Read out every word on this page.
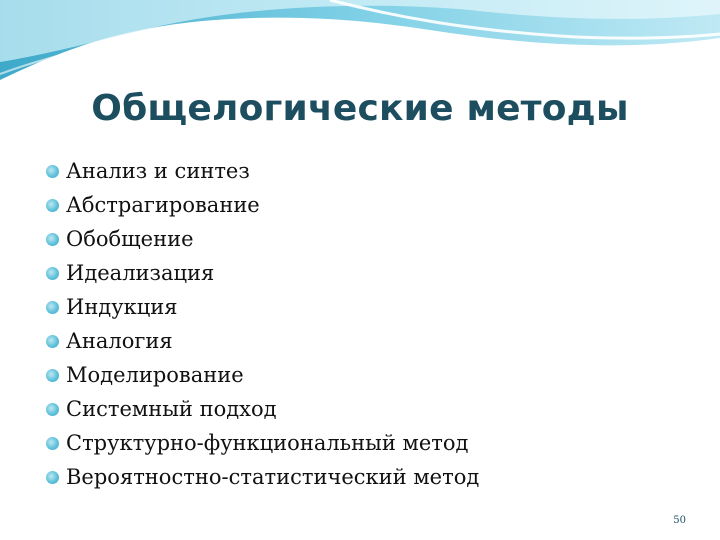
Общелогические методы
Анализ и синтез
Абстрагирование
Обобщение
Идеализация
Индукция
Аналогия
Моделирование
Системный подход
Структурно-функциональный метод
Вероятностно-статистический метод
50
